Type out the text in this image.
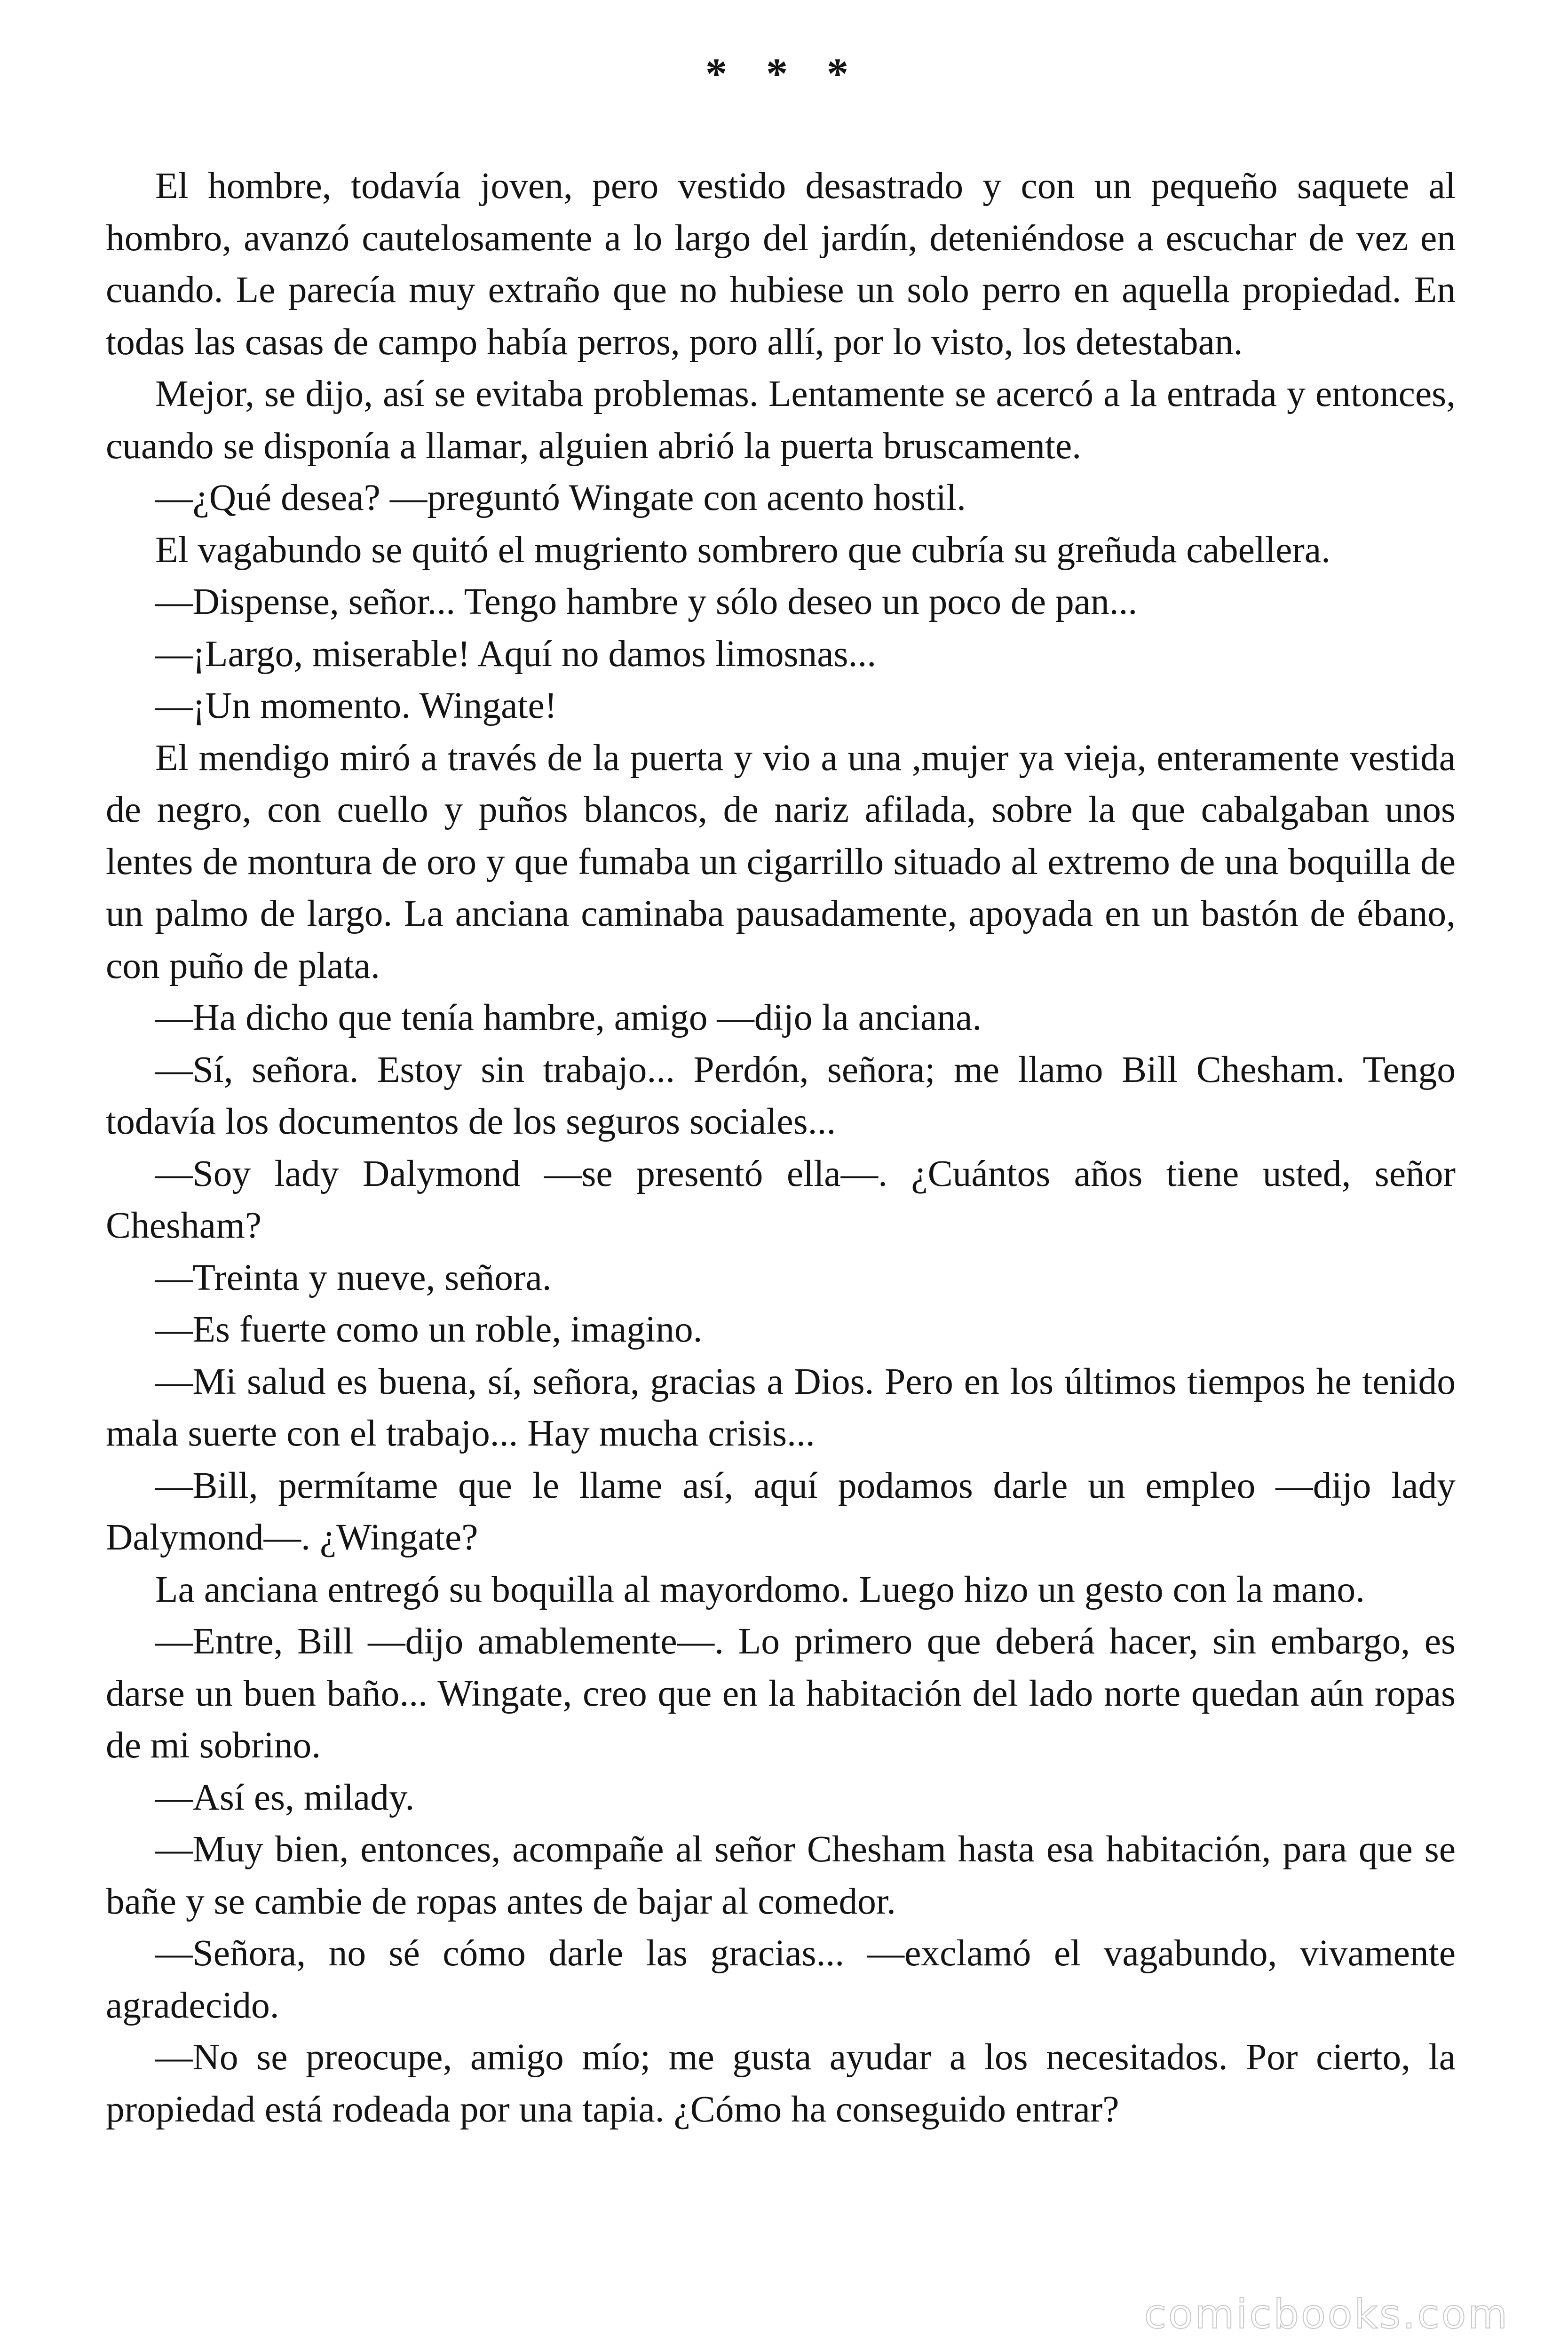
* * *

El hombre, todavía joven, pero vestido desastrado y con un pequeño saquete al hombro, avanzó cautelosamente a lo largo del jardín, deteniéndose a escuchar de vez en cuando. Le parecía muy extraño que no hubiese un solo perro en aquella propiedad. En todas las casas de campo había perros, poro allí, por lo visto, los detestaban.

Mejor, se dijo, así se evitaba problemas. Lentamente se acercó a la entrada y entonces, cuando se disponía a llamar, alguien abrió la puerta bruscamente.

—¿Qué desea? —preguntó Wingate con acento hostil.

El vagabundo se quitó el mugriento sombrero que cubría su greñuda cabellera.

—Dispense, señor... Tengo hambre y sólo deseo un poco de pan...

—¡Largo, miserable! Aquí no damos limosnas...

—¡Un momento. Wingate!

El mendigo miró a través de la puerta y vio a una ,mujer ya vieja, enteramente vestida de negro, con cuello y puños blancos, de nariz afilada, sobre la que cabalgaban unos lentes de montura de oro y que fumaba un cigarrillo situado al extremo de una boquilla de un palmo de largo. La anciana caminaba pausadamente, apoyada en un bastón de ébano, con puño de plata.

—Ha dicho que tenía hambre, amigo —dijo la anciana.

—Sí, señora. Estoy sin trabajo... Perdón, señora; me llamo Bill Chesham. Tengo todavía los documentos de los seguros sociales...

—Soy lady Dalymond —se presentó ella—. ¿Cuántos años tiene usted, señor Chesham?

—Treinta y nueve, señora.

—Es fuerte como un roble, imagino.

—Mi salud es buena, sí, señora, gracias a Dios. Pero en los últimos tiempos he tenido mala suerte con el trabajo... Hay mucha crisis...

—Bill, permítame que le llame así, aquí podamos darle un empleo —dijo lady Dalymond—. ¿Wingate?

La anciana entregó su boquilla al mayordomo. Luego hizo un gesto con la mano.

—Entre, Bill —dijo amablemente—. Lo primero que deberá hacer, sin embargo, es darse un buen baño... Wingate, creo que en la habitación del lado norte quedan aún ropas de mi sobrino.

—Así es, milady.

—Muy bien, entonces, acompañe al señor Chesham hasta esa habitación, para que se bañe y se cambie de ropas antes de bajar al comedor.

—Señora, no sé cómo darle las gracias... —exclamó el vagabundo, vivamente agradecido.

—No se preocupe, amigo mío; me gusta ayudar a los necesitados. Por cierto, la propiedad está rodeada por una tapia. ¿Cómo ha conseguido entrar?

comicbooks.com
